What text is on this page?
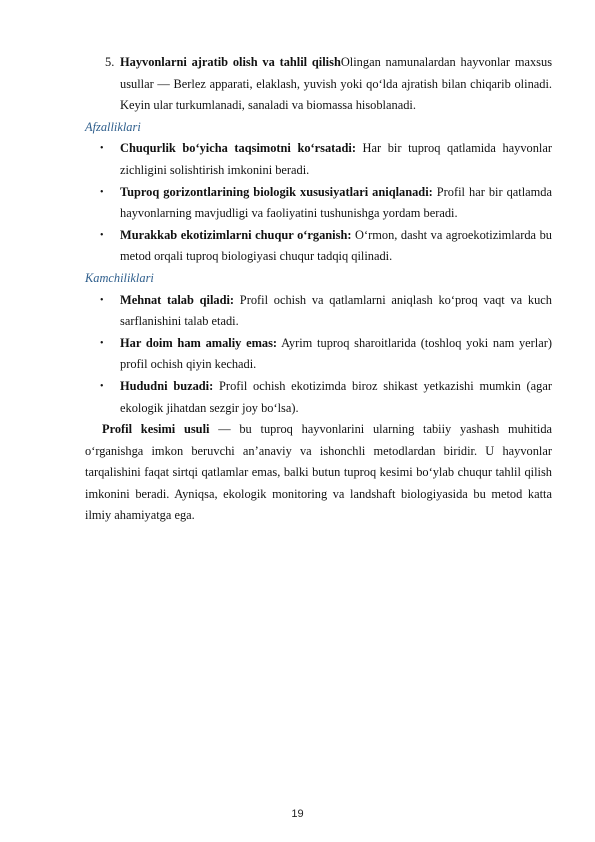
5. Hayvonlarni ajratib olish va tahlil qilishOlingan namunalardan hayvonlar maxsus usullar — Berlez apparati, elaklash, yuvish yoki qo‘lda ajratish bilan chiqarib olinadi. Keyin ular turkumlanadi, sanaladi va biomassa hisoblanadi.

Afzalliklari

• Chuqurlik bo‘yicha taqsimotni ko‘rsatadi: Har bir tuproq qatlamida hayvonlar zichligini solishtirish imkonini beradi.
• Tuproq gorizontlarining biologik xususiyatlari aniqlanadi: Profil har bir qatlamda hayvonlarning mavjudligi va faoliyatini tushunishga yordam beradi.
• Murakkab ekotizimlarni chuqur o‘rganish: O‘rmon, dasht va agroekotizimlarda bu metod orqali tuproq biologiyasi chuqur tadqiq qilinadi.

Kamchiliklari

• Mehnat talab qiladi: Profil ochish va qatlamlarni aniqlash ko‘proq vaqt va kuch sarflanishini talab etadi.
• Har doim ham amaliy emas: Ayrim tuproq sharoitlarida (toshloq yoki nam yerlar) profil ochish qiyin kechadi.
• Hududni buzadi: Profil ochish ekotizimda biroz shikast yetkazishi mumkin (agar ekologik jihatdan sezgir joy bo‘lsa).

Profil kesimi usuli — bu tuproq hayvonlarini ularning tabiiy yashash muhitida o‘rganishga imkon beruvchi an’anaviy va ishonchli metodlardan biridir. U hayvonlar tarqalishini faqat sirtqi qatlamlar emas, balki butun tuproq kesimi bo‘ylab chuqur tahlil qilish imkonini beradi. Ayniqsa, ekologik monitoring va landshaft biologiyasida bu metod katta ilmiy ahamiyatga ega.

19
